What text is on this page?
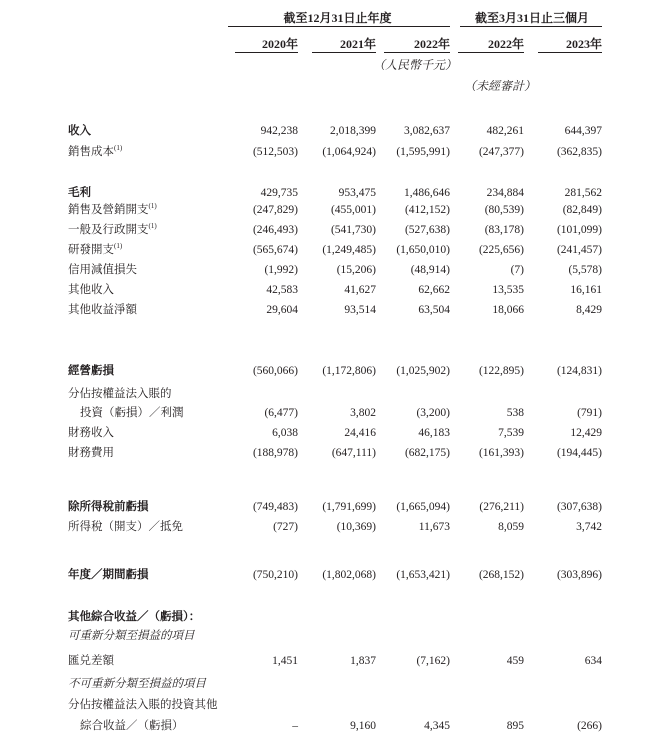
截至12月31日止年度	截至3月31日止三個月
2020年	2021年	2022年	2022年	2023年
（人民幣千元）
（未經審計）
收入	942,238	2,018,399	3,082,637	482,261	644,397
銷售成本$^{(1)}$	(512,503)	(1,064,924)	(1,595,991)	(247,377)	(362,835)
毛利	429,735	953,475	1,486,646	234,884	281,562
銷售及營銷開支$^{(1)}$	(247,829)	(455,001)	(412,152)	(80,539)	(82,849)
一般及行政開支$^{(1)}$	(246,493)	(541,730)	(527,638)	(83,178)	(101,099)
研發開支$^{(1)}$	(565,674)	(1,249,485)	(1,650,010)	(225,656)	(241,457)
信用減值損失	(1,992)	(15,206)	(48,914)	(7)	(5,578)
其他收入	42,583	41,627	62,662	13,535	16,161
其他收益淨額	29,604	93,514	63,504	18,066	8,429
經營虧損	(560,066)	(1,172,806)	(1,025,902)	(122,895)	(124,831)
分佔按權益法入賬的
投資（虧損）／利潤	(6,477)	3,802	(3,200)	538	(791)
財務收入	6,038	24,416	46,183	7,539	12,429
財務費用	(188,978)	(647,111)	(682,175)	(161,393)	(194,445)
除所得稅前虧損	(749,483)	(1,791,699)	(1,665,094)	(276,211)	(307,638)
所得稅（開支）／抵免	(727)	(10,369)	11,673	8,059	3,742
年度／期間虧損	(750,210)	(1,802,068)	(1,653,421)	(268,152)	(303,896)
其他綜合收益／（虧損）：
可重新分類至損益的項目
匯兑差額	1,451	1,837	(7,162)	459	634
不可重新分類至損益的項目
分佔按權益法入賬的投資其他
綜合收益／（虧損）	–	9,160	4,345	895	(266)
